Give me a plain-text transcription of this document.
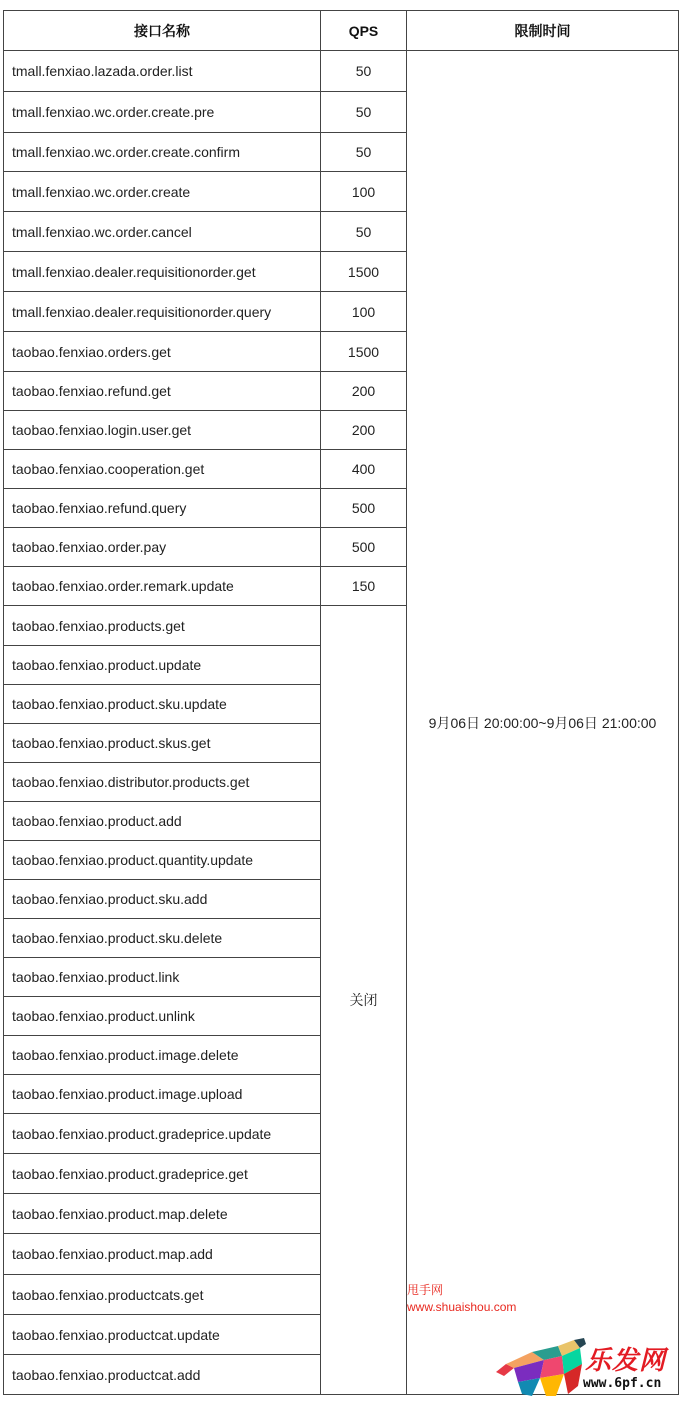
接口名称	QPS	限制时间
tmall.fenxiao.lazada.order.list	50	9月06日 20:00:00~9月06日 21:00:00
tmall.fenxiao.wc.order.create.pre	50	
tmall.fenxiao.wc.order.create.confirm	50	
tmall.fenxiao.wc.order.create	100	
tmall.fenxiao.wc.order.cancel	50	
tmall.fenxiao.dealer.requisitionorder.get	1500	
tmall.fenxiao.dealer.requisitionorder.query	100	
taobao.fenxiao.orders.get	1500	
taobao.fenxiao.refund.get	200	
taobao.fenxiao.login.user.get	200	
taobao.fenxiao.cooperation.get	400	
taobao.fenxiao.refund.query	500	
taobao.fenxiao.order.pay	500	
taobao.fenxiao.order.remark.update	150	
taobao.fenxiao.products.get	关闭	
taobao.fenxiao.product.update		
taobao.fenxiao.product.sku.update		
taobao.fenxiao.product.skus.get		
taobao.fenxiao.distributor.products.get		
taobao.fenxiao.product.add		
taobao.fenxiao.product.quantity.update		
taobao.fenxiao.product.sku.add		
taobao.fenxiao.product.sku.delete		
taobao.fenxiao.product.link		
taobao.fenxiao.product.unlink		
taobao.fenxiao.product.image.delete		
taobao.fenxiao.product.image.upload		
taobao.fenxiao.product.gradeprice.update		
taobao.fenxiao.product.gradeprice.get		
taobao.fenxiao.product.map.delete		
taobao.fenxiao.product.map.add		
taobao.fenxiao.productcats.get		
taobao.fenxiao.productcat.update		
taobao.fenxiao.productcat.add		
甩手网
www.shuaishou.com
乐发网
www.6pf.cn
